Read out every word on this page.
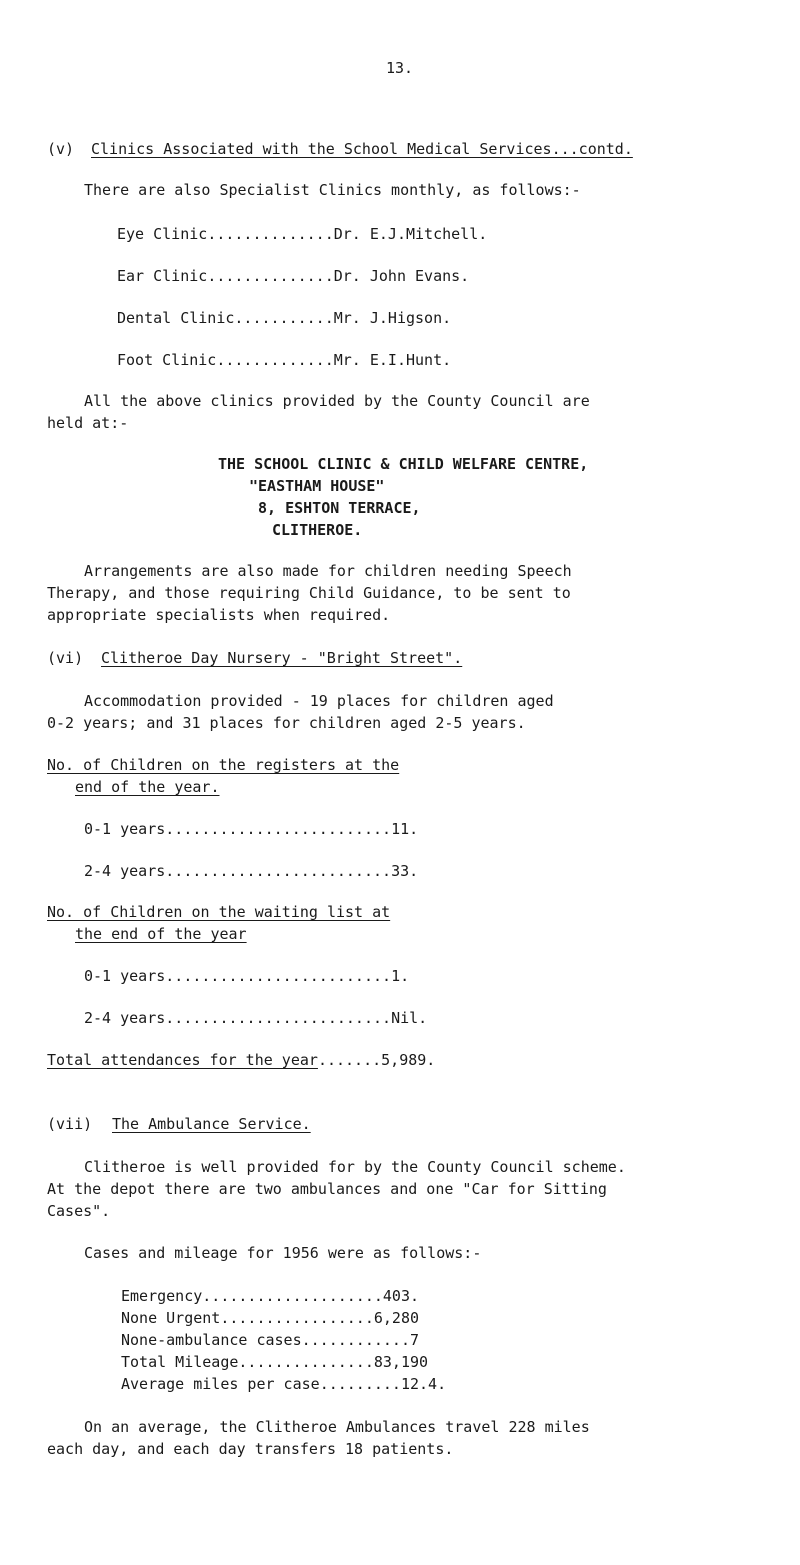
13.
(v) Clinics Associated with the School Medical Services...contd.
There are also Specialist Clinics monthly, as follows:-
Eye Clinic..............Dr. E.J.Mitchell.
Ear Clinic..............Dr. John Evans.
Dental Clinic...........Mr. J.Higson.
Foot Clinic.............Mr. E.I.Hunt.
All the above clinics provided by the County Council are
held at:-
THE SCHOOL CLINIC & CHILD WELFARE CENTRE,
"EASTHAM HOUSE"
8, ESHTON TERRACE,
CLITHEROE.
Arrangements are also made for children needing Speech
Therapy, and those requiring Child Guidance, to be sent to
appropriate specialists when required.
(vi) Clitheroe Day Nursery - "Bright Street".
Accommodation provided - 19 places for children aged
0-2 years; and 31 places for children aged 2-5 years.
No. of Children on the registers at the
end of the year.
0-1 years.........................11.
2-4 years.........................33.
No. of Children on the waiting list at
the end of the year
0-1 years.........................1.
2-4 years.........................Nil.
Total attendances for the year.......5,989.
(vii) The Ambulance Service.
Clitheroe is well provided for by the County Council scheme.
At the depot there are two ambulances and one "Car for Sitting
Cases".
Cases and mileage for 1956 were as follows:-
Emergency....................403.
None Urgent.................6,280
None-ambulance cases............7
Total Mileage...............83,190
Average miles per case.........12.4.
On an average, the Clitheroe Ambulances travel 228 miles
each day, and each day transfers 18 patients.
